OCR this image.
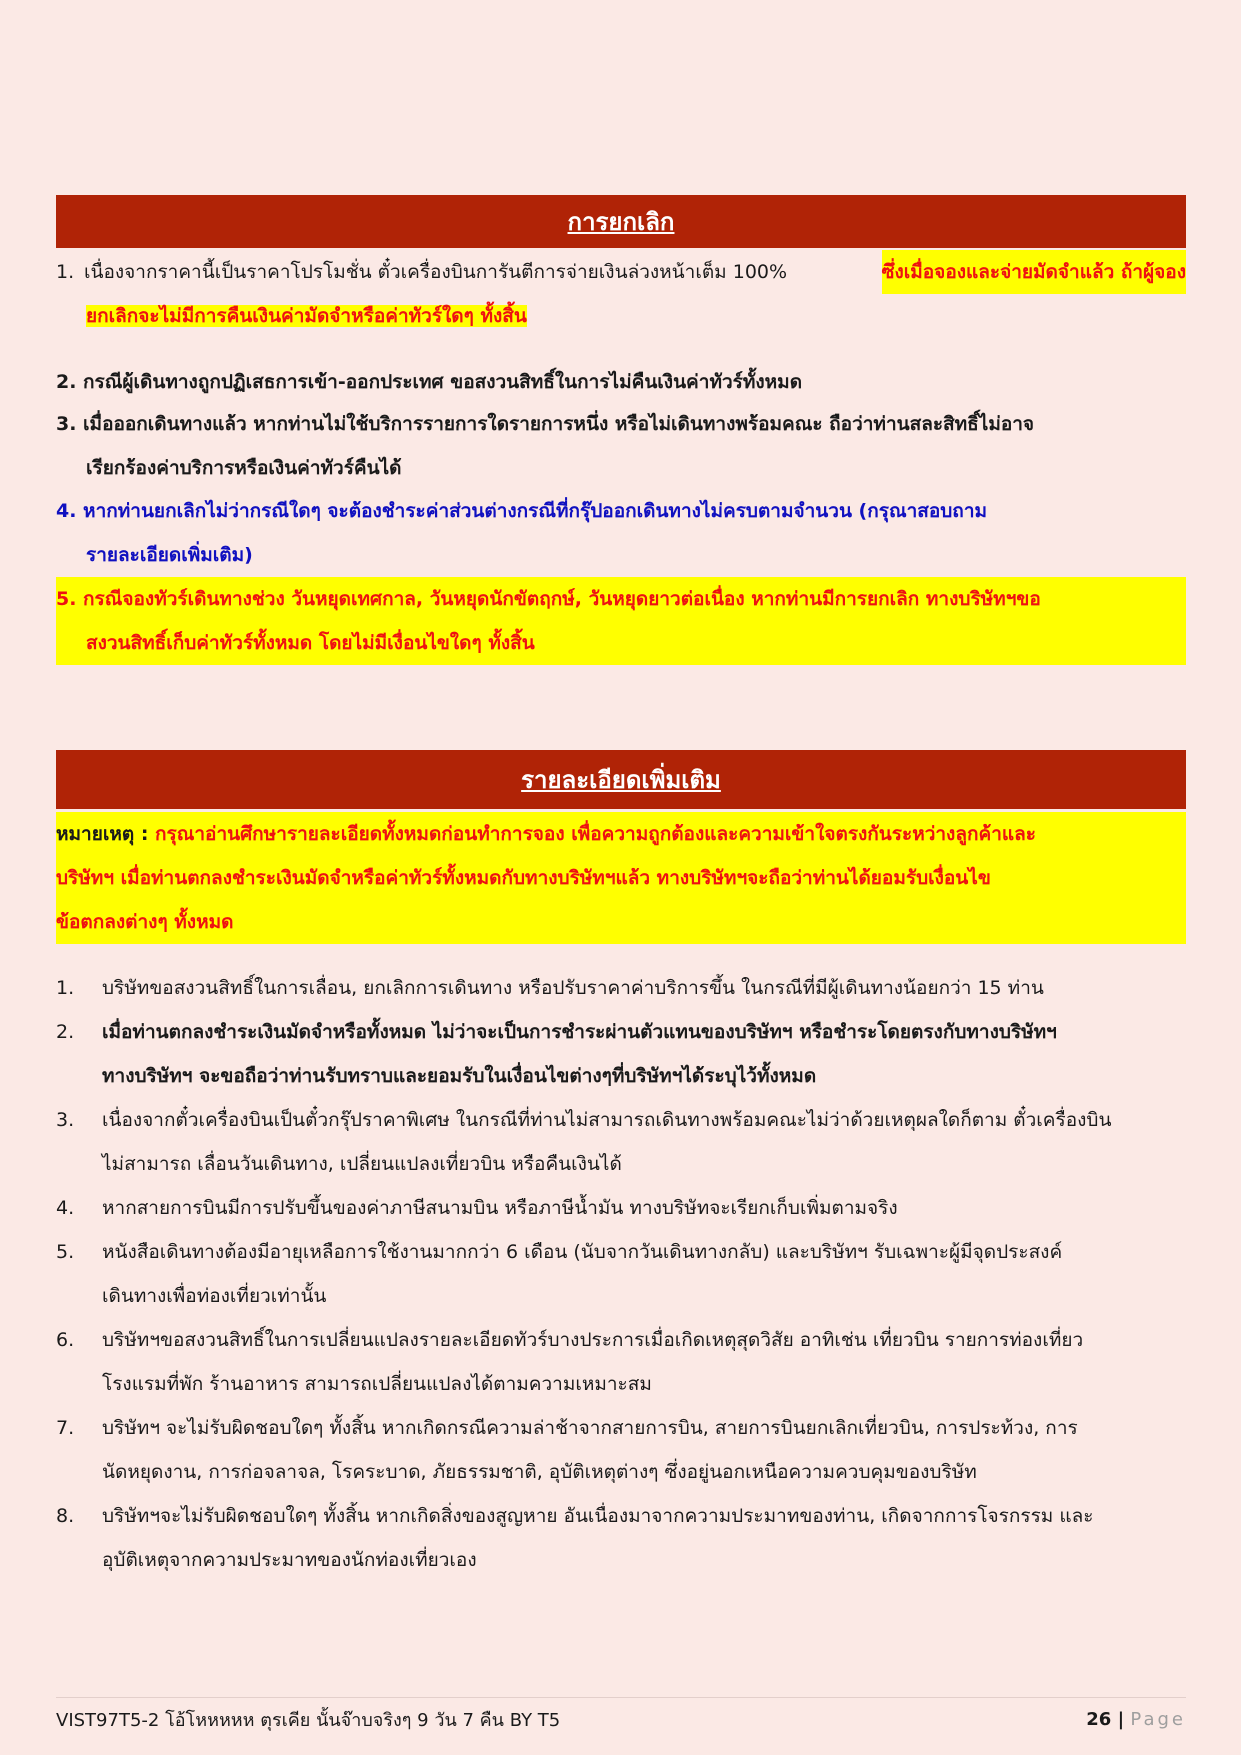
การยกเลิก
1. เนื่องจากราคานี้เป็นราคาโปรโมชั่น ตั๋วเครื่องบินการันตีการจ่ายเงินล่วงหน้าเต็ม 100%	ซึ่งเมื่อจองและจ่ายมัดจำแล้ว ถ้าผู้จอง
ยกเลิกจะไม่มีการคืนเงินค่ามัดจำหรือค่าทัวร์ใดๆ ทั้งสิ้น
2. กรณีผู้เดินทางถูกปฏิเสธการเข้า-ออกประเทศ ขอสงวนสิทธิ์ในการไม่คืนเงินค่าทัวร์ทั้งหมด
3. เมื่อออกเดินทางแล้ว หากท่านไม่ใช้บริการรายการใดรายการหนึ่ง หรือไม่เดินทางพร้อมคณะ ถือว่าท่านสละสิทธิ์ไม่อาจ
เรียกร้องค่าบริการหรือเงินค่าทัวร์คืนได้
4. หากท่านยกเลิกไม่ว่ากรณีใดๆ จะต้องชำระค่าส่วนต่างกรณีที่กรุ๊ปออกเดินทางไม่ครบตามจำนวน (กรุณาสอบถาม
รายละเอียดเพิ่มเติม)
5. กรณีจองทัวร์เดินทางช่วง วันหยุดเทศกาล, วันหยุดนักขัตฤกษ์, วันหยุดยาวต่อเนื่อง หากท่านมีการยกเลิก ทางบริษัทฯขอ
สงวนสิทธิ์เก็บค่าทัวร์ทั้งหมด โดยไม่มีเงื่อนไขใดๆ ทั้งสิ้น
รายละเอียดเพิ่มเติม
หมายเหตุ : กรุณาอ่านศึกษารายละเอียดทั้งหมดก่อนทำการจอง เพื่อความถูกต้องและความเข้าใจตรงกันระหว่างลูกค้าและ
บริษัทฯ เมื่อท่านตกลงชำระเงินมัดจำหรือค่าทัวร์ทั้งหมดกับทางบริษัทฯแล้ว ทางบริษัทฯจะถือว่าท่านได้ยอมรับเงื่อนไข
ข้อตกลงต่างๆ ทั้งหมด
1.	บริษัทขอสงวนสิทธิ์ในการเลื่อน, ยกเลิกการเดินทาง หรือปรับราคาค่าบริการขึ้น ในกรณีที่มีผู้เดินทางน้อยกว่า 15 ท่าน
2.	เมื่อท่านตกลงชำระเงินมัดจำหรือทั้งหมด ไม่ว่าจะเป็นการชำระผ่านตัวแทนของบริษัทฯ หรือชำระโดยตรงกับทางบริษัทฯ
ทางบริษัทฯ จะขอถือว่าท่านรับทราบและยอมรับในเงื่อนไขต่างๆที่บริษัทฯได้ระบุไว้ทั้งหมด
3.	เนื่องจากตั๋วเครื่องบินเป็นตั๋วกรุ๊ปราคาพิเศษ ในกรณีที่ท่านไม่สามารถเดินทางพร้อมคณะไม่ว่าด้วยเหตุผลใดก็ตาม ตั๋วเครื่องบิน
ไม่สามารถ เลื่อนวันเดินทาง, เปลี่ยนแปลงเที่ยวบิน หรือคืนเงินได้
4.	หากสายการบินมีการปรับขึ้นของค่าภาษีสนามบิน หรือภาษีน้ำมัน ทางบริษัทจะเรียกเก็บเพิ่มตามจริง
5.	หนังสือเดินทางต้องมีอายุเหลือการใช้งานมากกว่า 6 เดือน (นับจากวันเดินทางกลับ) และบริษัทฯ รับเฉพาะผู้มีจุดประสงค์
เดินทางเพื่อท่องเที่ยวเท่านั้น
6.	บริษัทฯขอสงวนสิทธิ์ในการเปลี่ยนแปลงรายละเอียดทัวร์บางประการเมื่อเกิดเหตุสุดวิสัย อาทิเช่น เที่ยวบิน รายการท่องเที่ยว
โรงแรมที่พัก ร้านอาหาร สามารถเปลี่ยนแปลงได้ตามความเหมาะสม
7.	บริษัทฯ จะไม่รับผิดชอบใดๆ ทั้งสิ้น หากเกิดกรณีความล่าช้าจากสายการบิน, สายการบินยกเลิกเที่ยวบิน, การประท้วง, การ
นัดหยุดงาน, การก่อจลาจล, โรคระบาด, ภัยธรรมชาติ, อุบัติเหตุต่างๆ ซึ่งอยู่นอกเหนือความควบคุมของบริษัท
8.	บริษัทฯจะไม่รับผิดชอบใดๆ ทั้งสิ้น หากเกิดสิ่งของสูญหาย อันเนื่องมาจากความประมาทของท่าน, เกิดจากการโจรกรรม และ
อุบัติเหตุจากความประมาทของนักท่องเที่ยวเอง
VIST97T5-2 โอ้โหหหหห ตุรเคีย นั้นจ๊าบจริงๆ 9 วัน 7 คืน BY T5	26 | Page
